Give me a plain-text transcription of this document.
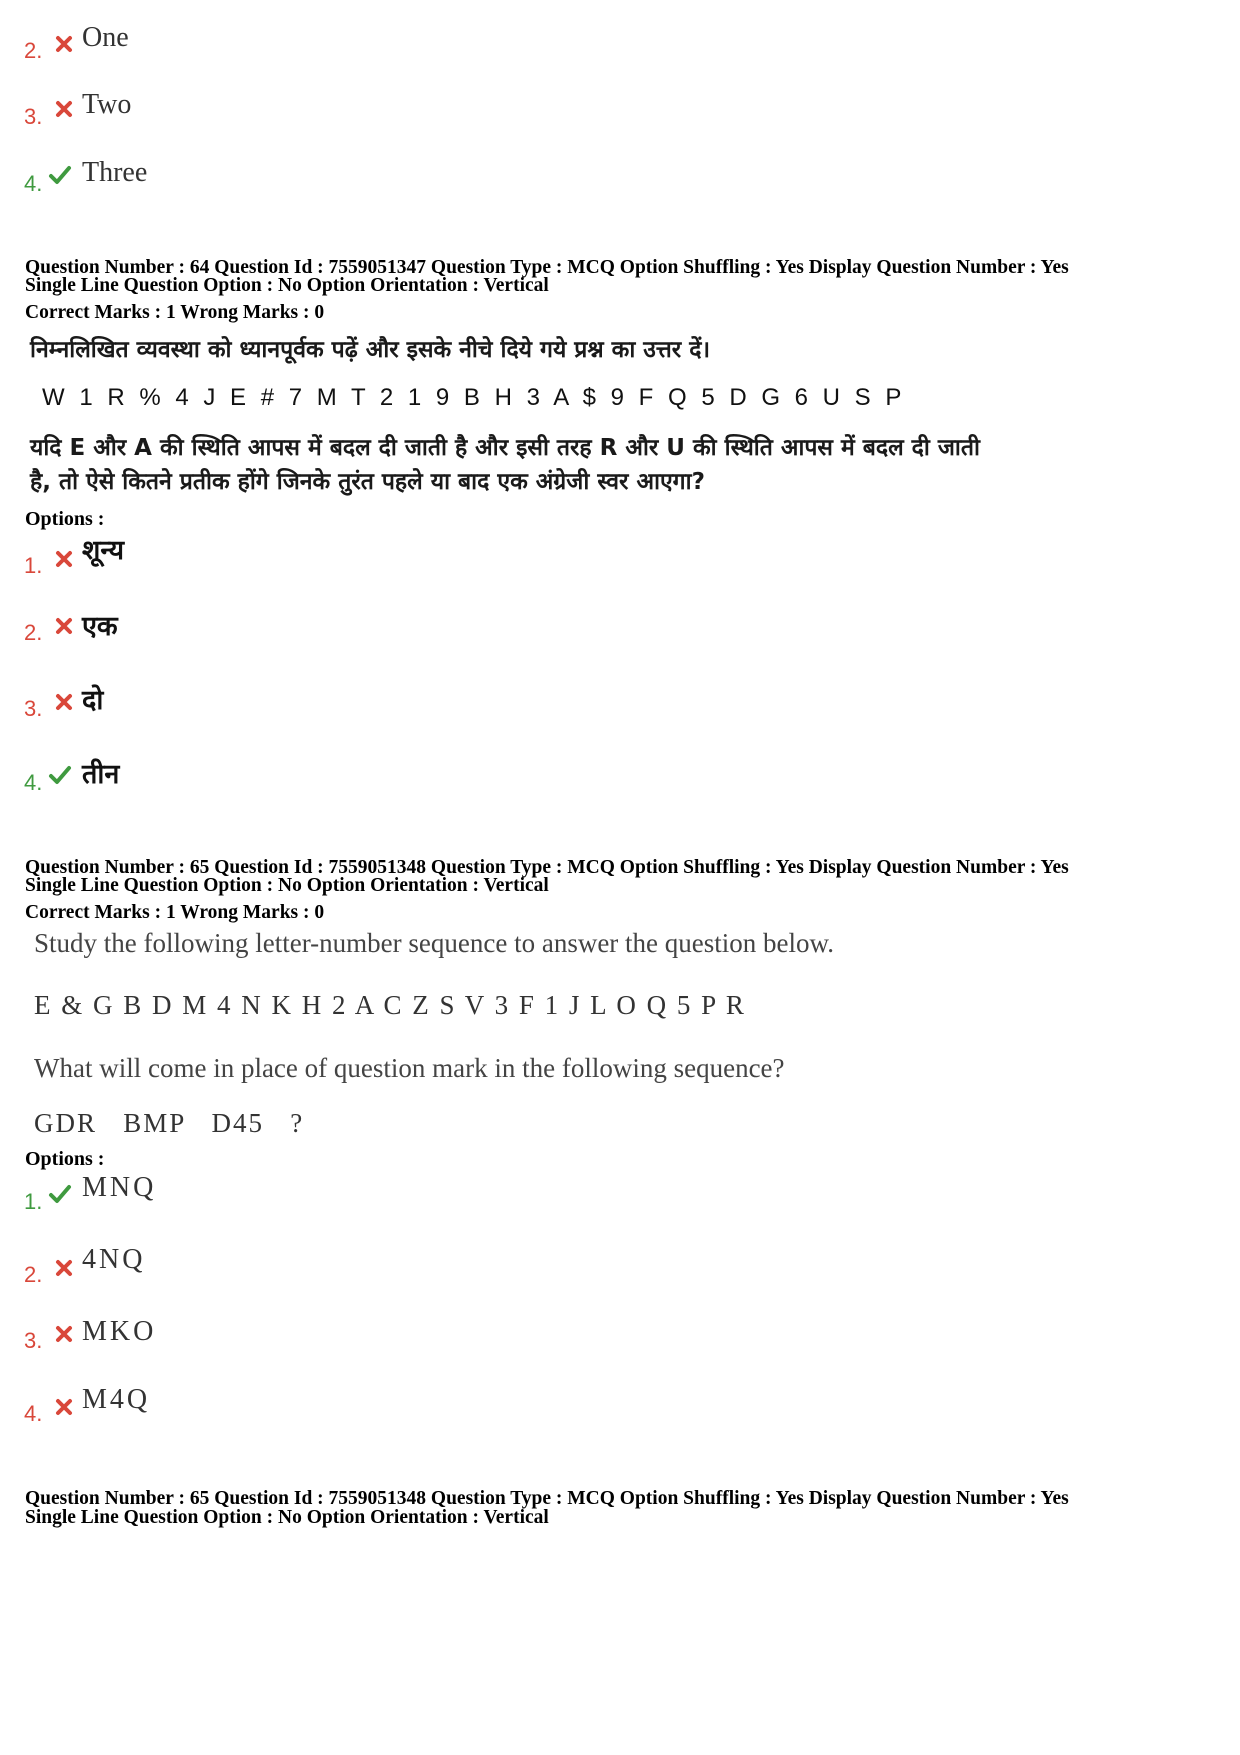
2. One
3. Two
4. Three
Question Number : 64 Question Id : 7559051347 Question Type : MCQ Option Shuffling : Yes Display Question Number : Yes
Single Line Question Option : No Option Orientation : Vertical
Correct Marks : 1 Wrong Marks : 0
निम्नलिखित व्यवस्था को ध्यानपूर्वक पढ़ें और इसके नीचे दिये गये प्रश्न का उत्तर दें।
W 1 R % 4 J E # 7 M T 2 1 9 B H 3 A $ 9 F Q 5 D G 6 U S P
यदि E और A की स्थिति आपस में बदल दी जाती है और इसी तरह R और U की स्थिति आपस में बदल दी जाती
है, तो ऐसे कितने प्रतीक होंगे जिनके तुरंत पहले या बाद एक अंग्रेजी स्वर आएगा?
Options :
1. शून्य
2. एक
3. दो
4. तीन
Question Number : 65 Question Id : 7559051348 Question Type : MCQ Option Shuffling : Yes Display Question Number : Yes
Single Line Question Option : No Option Orientation : Vertical
Correct Marks : 1 Wrong Marks : 0
Study the following letter-number sequence to answer the question below.
E & G B D M 4 N K H 2 A C Z S V 3 F 1 J L O Q 5 P R
What will come in place of question mark in the following sequence?
GDR   BMP   D45   ?
Options :
1. MNQ
2. 4NQ
3. MKO
4. M4Q
Question Number : 65 Question Id : 7559051348 Question Type : MCQ Option Shuffling : Yes Display Question Number : Yes
Single Line Question Option : No Option Orientation : Vertical
